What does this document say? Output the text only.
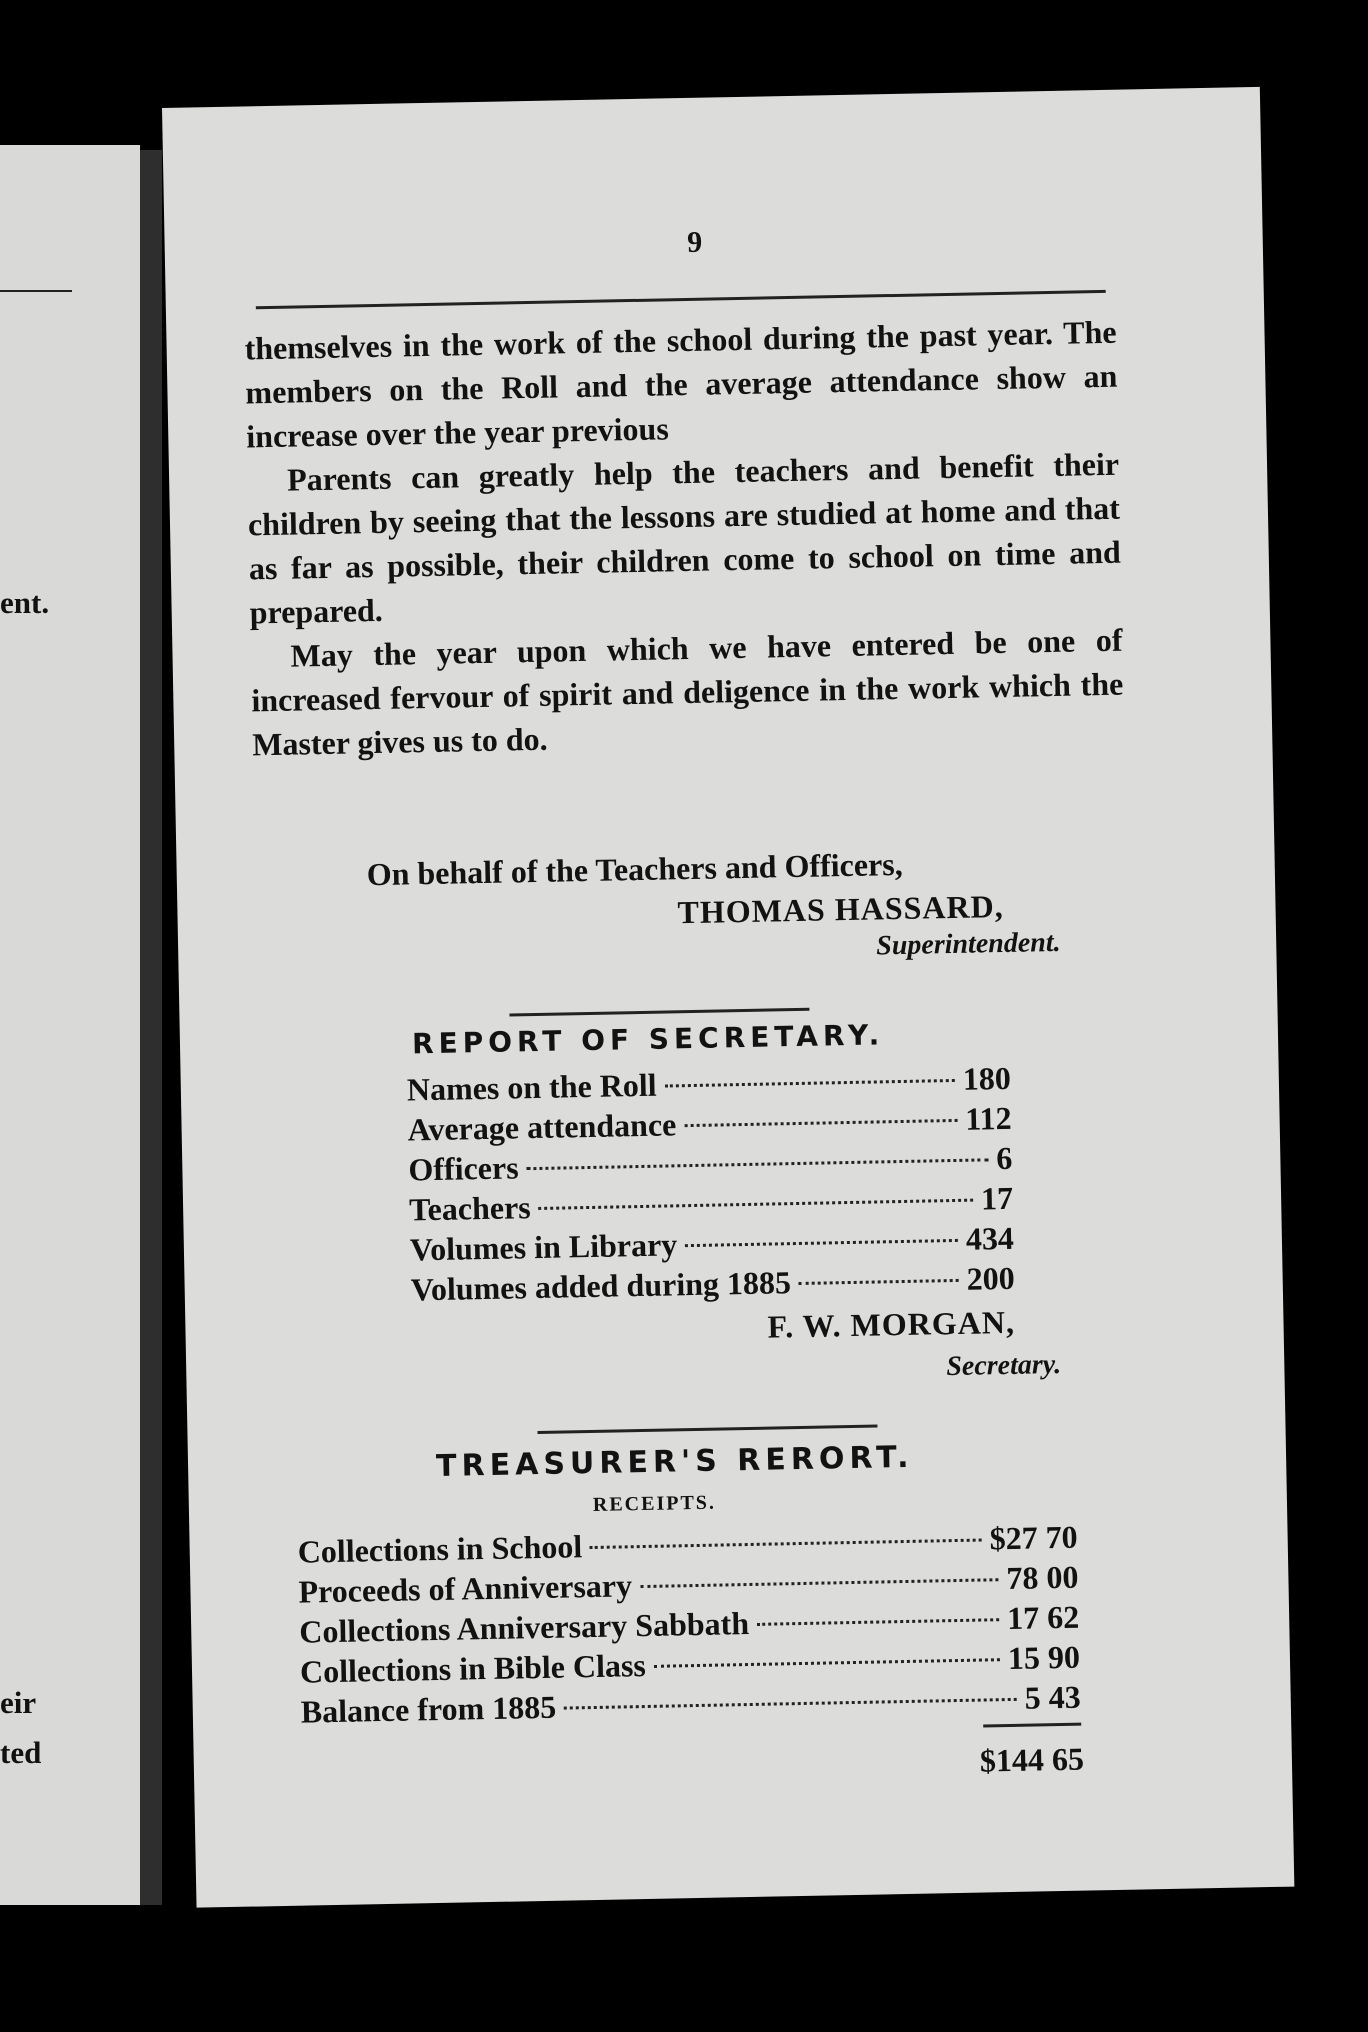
ent.
eir
ted
9

themselves in the work of the school during the past year. The members on the Roll and the average attendance show an increase over the year previous

Parents can greatly help the teachers and benefit their children by seeing that the lessons are studied at home and that as far as possible, their children come to school on time and prepared.

May the year upon which we have entered be one of increased fervour of spirit and deligence in the work which the Master gives us to do.

On behalf of the Teachers and Officers,
THOMAS HASSARD,
Superintendent.
REPORT OF SECRETARY.
Names on the Roll	180
Average attendance	112
Officers	6
Teachers	17
Volumes in Library	434
Volumes added during 1885	200
F. W. MORGAN,
Secretary.
TREASURER'S RERORT.
RECEIPTS.
Collections in School	$27 70
Proceeds of Anniversary	78 00
Collections Anniversary Sabbath	17 62
Collections in Bible Class	15 90
Balance from 1885	5 43
$144 65
